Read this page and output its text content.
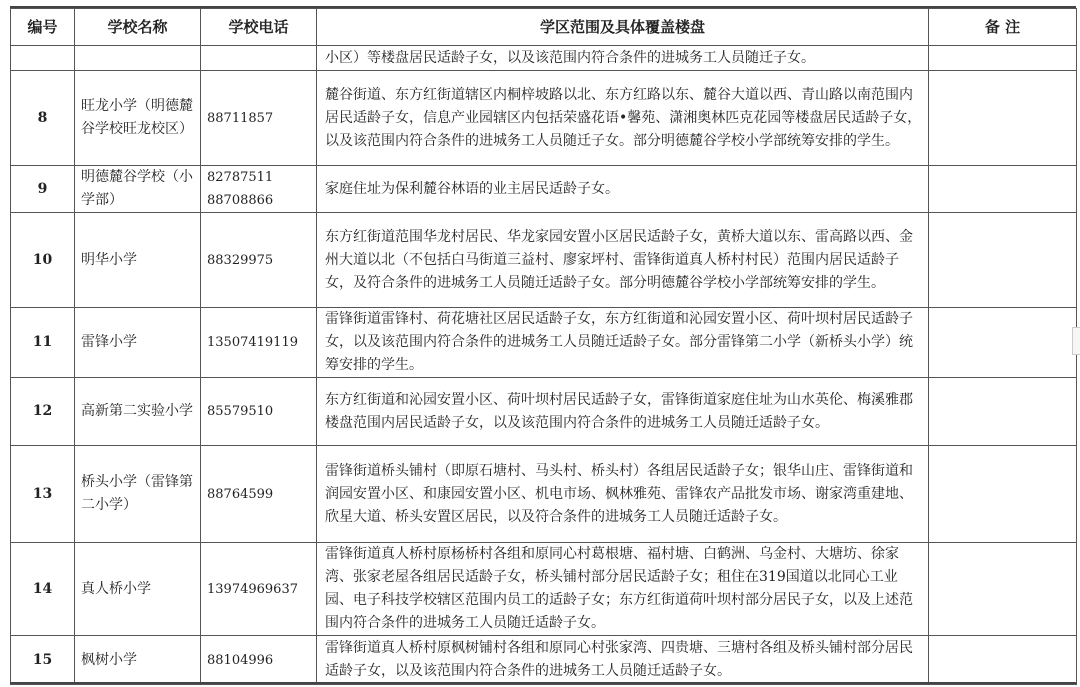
编号	学校名称	学校电话	学区范围及具体覆盖楼盘	备 注
			小区）等楼盘居民适龄子女，以及该范围内符合条件的进城务工人员随迁子女。	
8	旺龙小学（明德麓谷学校旺龙校区）	88711857	麓谷街道、东方红街道辖区内桐梓坡路以北、东方红路以东、麓谷大道以西、青山路以南范围内居民适龄子女，信息产业园辖区内包括荣盛花语•馨苑、潇湘奥林匹克花园等楼盘居民适龄子女，以及该范围内符合条件的进城务工人员随迁子女。部分明德麓谷学校小学部统筹安排的学生。	
9	明德麓谷学校（小学部）	82787511 88708866	家庭住址为保利麓谷林语的业主居民适龄子女。	
10	明华小学	88329975	东方红街道范围华龙村居民、华龙家园安置小区居民适龄子女，黄桥大道以东、雷高路以西、金州大道以北（不包括白马街道三益村、廖家坪村、雷锋街道真人桥村村民）范围内居民适龄子女，及符合条件的进城务工人员随迁适龄子女。部分明德麓谷学校小学部统筹安排的学生。	
11	雷锋小学	13507419119	雷锋街道雷锋村、荷花塘社区居民适龄子女，东方红街道和沁园安置小区、荷叶坝村居民适龄子女，以及该范围内符合条件的进城务工人员随迁适龄子女。部分雷锋第二小学（新桥头小学）统筹安排的学生。	
12	高新第二实验小学	85579510	东方红街道和沁园安置小区、荷叶坝村居民适龄子女，雷锋街道家庭住址为山水英伦、梅溪雅郡楼盘范围内居民适龄子女，以及该范围内符合条件的进城务工人员随迁适龄子女。	
13	桥头小学（雷锋第二小学）	88764599	雷锋街道桥头铺村（即原石塘村、马头村、桥头村）各组居民适龄子女；银华山庄、雷锋街道和润园安置小区、和康园安置小区、机电市场、枫林雅苑、雷锋农产品批发市场、谢家湾重建地、欣星大道、桥头安置区居民，以及符合条件的进城务工人员随迁适龄子女。	
14	真人桥小学	13974969637	雷锋街道真人桥村原杨桥村各组和原同心村葛根塘、福村塘、白鹤洲、乌金村、大塘坊、徐家湾、张家老屋各组居民适龄子女，桥头铺村部分居民适龄子女；租住在319国道以北同心工业园、电子科技学校辖区范围内员工的适龄子女；东方红街道荷叶坝村部分居民子女，以及上述范围内符合条件的进城务工人员随迁适龄子女。	
15	枫树小学	88104996	雷锋街道真人桥村原枫树铺村各组和原同心村张家湾、四贵塘、三塘村各组及桥头铺村部分居民适龄子女，以及该范围内符合条件的进城务工人员随迁适龄子女。	
